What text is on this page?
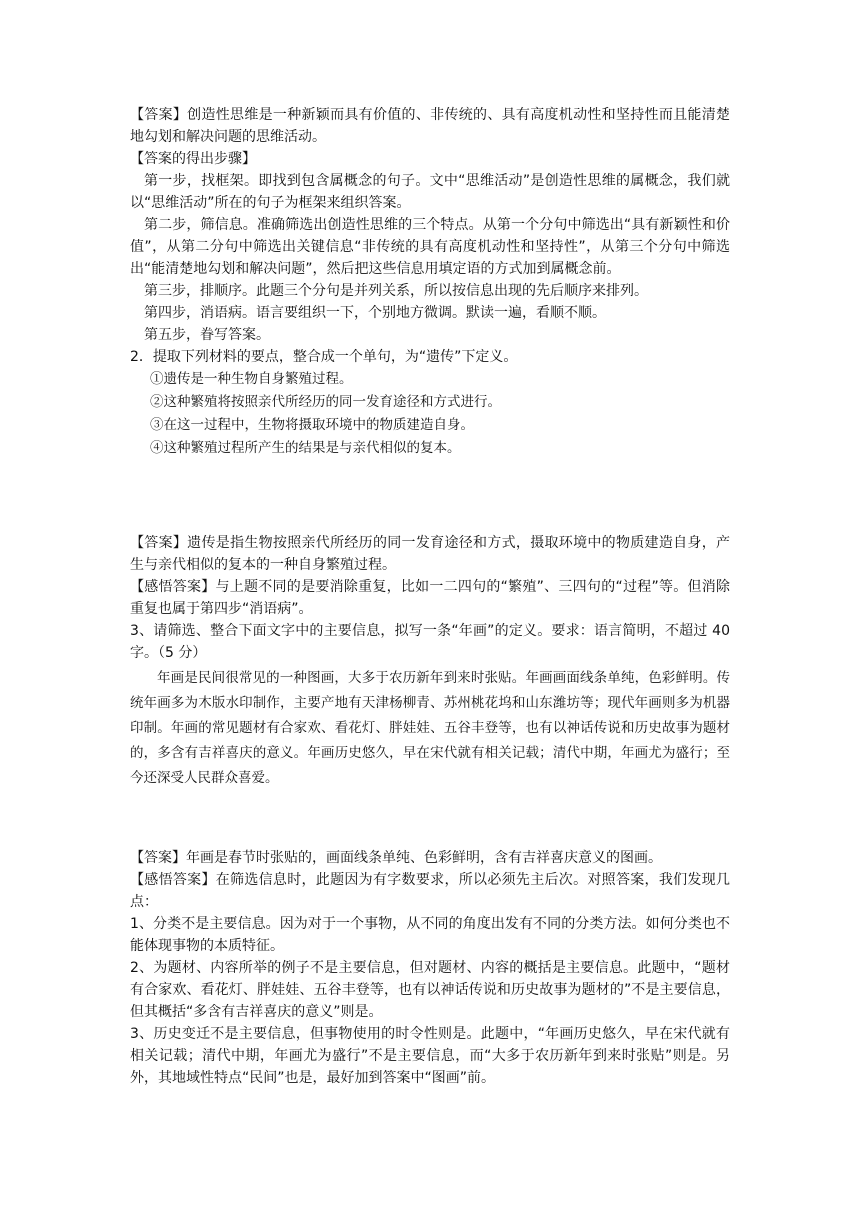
【答案】创造性思维是一种新颖而具有价值的、非传统的、具有高度机动性和坚持性而且能清楚地勾划和解决问题的思维活动。

【答案的得出步骤】

第一步，找框架。即找到包含属概念的句子。文中“思维活动”是创造性思维的属概念，我们就以“思维活动”所在的句子为框架来组织答案。

第二步，筛信息。准确筛选出创造性思维的三个特点。从第一个分句中筛选出“具有新颖性和价值”，从第二分句中筛选出关键信息“非传统的具有高度机动性和坚持性”，从第三个分句中筛选出“能清楚地勾划和解决问题”，然后把这些信息用填定语的方式加到属概念前。

第三步，排顺序。此题三个分句是并列关系，所以按信息出现的先后顺序来排列。

第四步，消语病。语言要组织一下，个别地方微调。默读一遍，看顺不顺。

第五步，眷写答案。

2．提取下列材料的要点，整合成一个单句，为“遗传”下定义。

①遗传是一种生物自身繁殖过程。

②这种繁殖将按照亲代所经历的同一发育途径和方式进行。

③在这一过程中，生物将摄取环境中的物质建造自身。

④这种繁殖过程所产生的结果是与亲代相似的复本。

【答案】遗传是指生物按照亲代所经历的同一发育途径和方式，摄取环境中的物质建造自身，产生与亲代相似的复本的一种自身繁殖过程。

【感悟答案】与上题不同的是要消除重复，比如一二四句的“繁殖”、三四句的“过程”等。但消除重复也属于第四步“消语病”。

3、请筛选、整合下面文字中的主要信息，拟写一条“年画”的定义。要求：语言简明，不超过 40 字。（5 分）

年画是民间很常见的一种图画，大多于农历新年到来时张贴。年画画面线条单纯，色彩鲜明。传统年画多为木版水印制作，主要产地有天津杨柳青、苏州桃花坞和山东潍坊等；现代年画则多为机器印制。年画的常见题材有合家欢、看花灯、胖娃娃、五谷丰登等，也有以神话传说和历史故事为题材的，多含有吉祥喜庆的意义。年画历史悠久，早在宋代就有相关记载；清代中期，年画尤为盛行；至今还深受人民群众喜爱。

【答案】年画是春节时张贴的，画面线条单纯、色彩鲜明，含有吉祥喜庆意义的图画。

【感悟答案】在筛选信息时，此题因为有字数要求，所以必须先主后次。对照答案，我们发现几点：

1、分类不是主要信息。因为对于一个事物，从不同的角度出发有不同的分类方法。如何分类也不能体现事物的本质特征。

2、为题材、内容所举的例子不是主要信息，但对题材、内容的概括是主要信息。此题中，“题材有合家欢、看花灯、胖娃娃、五谷丰登等，也有以神话传说和历史故事为题材的”不是主要信息，但其概括“多含有吉祥喜庆的意义”则是。

3、历史变迁不是主要信息，但事物使用的时令性则是。此题中，“年画历史悠久，早在宋代就有相关记载；清代中期，年画尤为盛行”不是主要信息，而“大多于农历新年到来时张贴”则是。另外，其地域性特点“民间”也是，最好加到答案中“图画”前。
